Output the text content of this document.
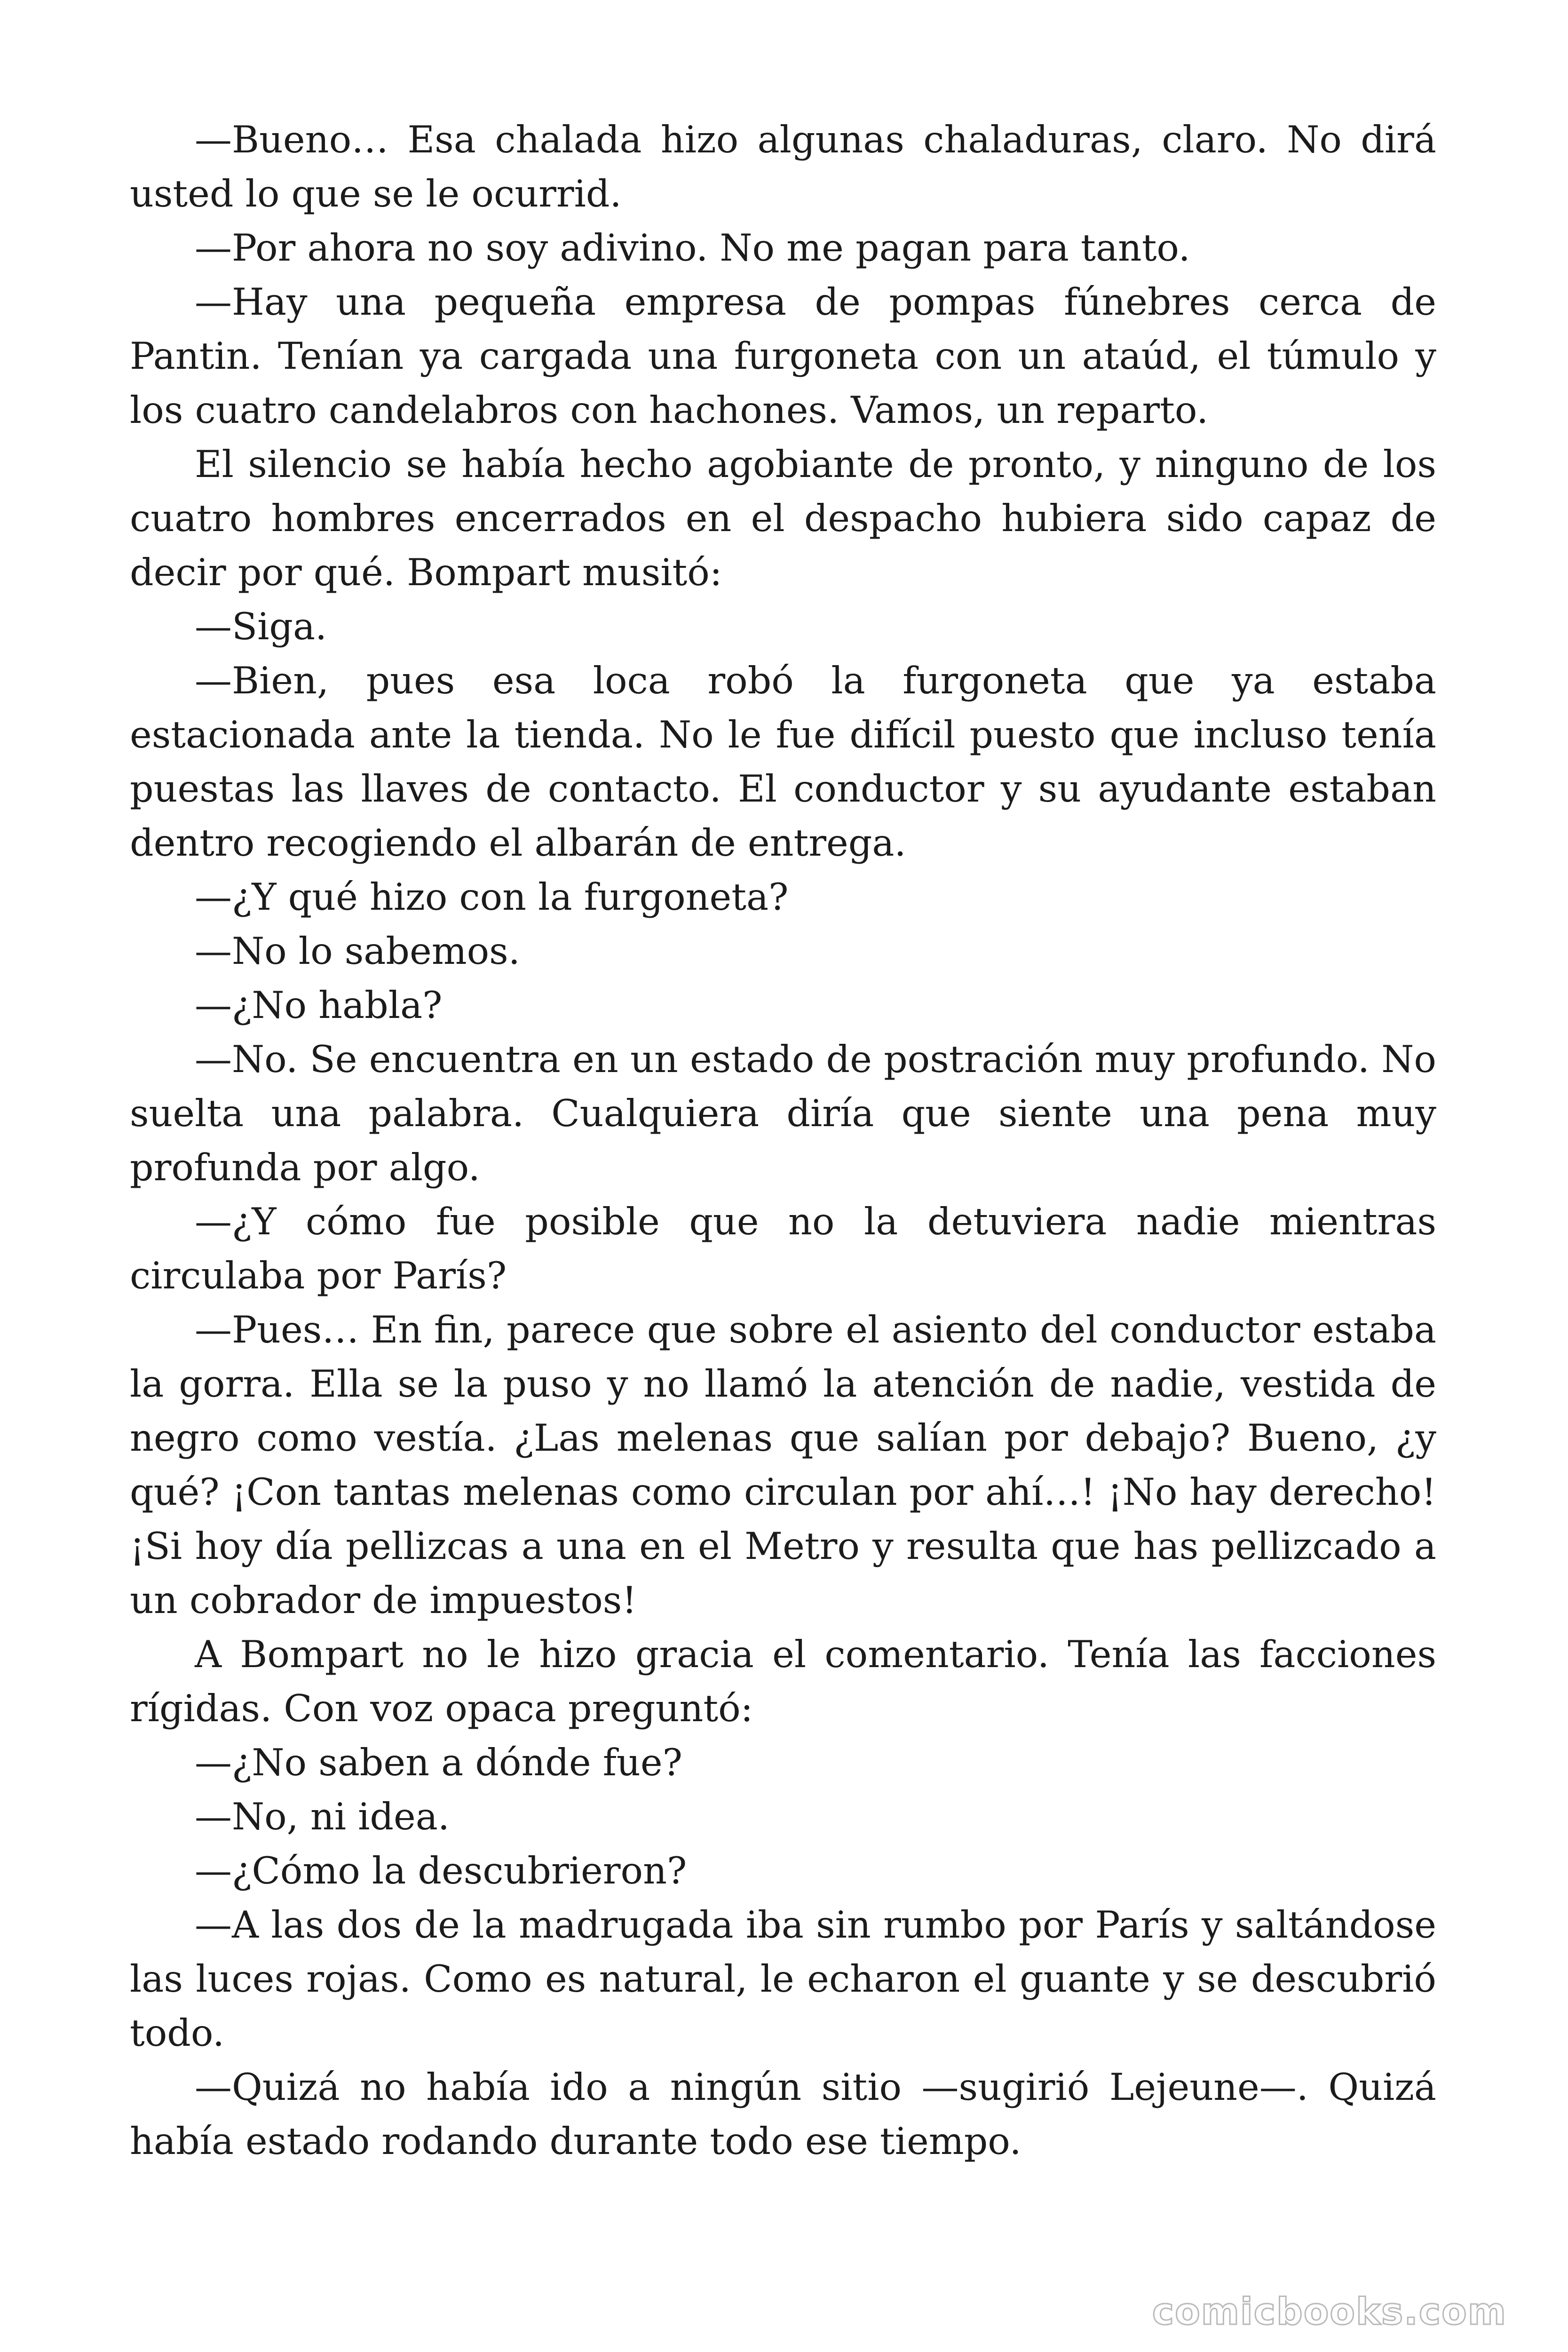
—Bueno… Esa chalada hizo algunas chaladuras, claro. No dirá usted lo que se le ocurrid.

—Por ahora no soy adivino. No me pagan para tanto.

—Hay una pequeña empresa de pompas fúnebres cerca de Pantin. Tenían ya cargada una furgoneta con un ataúd, el túmulo y los cuatro candelabros con hachones. Vamos, un reparto.

El silencio se había hecho agobiante de pronto, y ninguno de los cuatro hombres encerrados en el despacho hubiera sido capaz de decir por qué. Bompart musitó:

—Siga.

—Bien, pues esa loca robó la furgoneta que ya estaba estacionada ante la tienda. No le fue difícil puesto que incluso tenía puestas las llaves de contacto. El conductor y su ayudante estaban dentro recogiendo el albarán de entrega.

—¿Y qué hizo con la furgoneta?

—No lo sabemos.

—¿No habla?

—No. Se encuentra en un estado de postración muy profundo. No suelta una palabra. Cualquiera diría que siente una pena muy profunda por algo.

—¿Y cómo fue posible que no la detuviera nadie mientras circulaba por París?

—Pues… En fin, parece que sobre el asiento del conductor estaba la gorra. Ella se la puso y no llamó la atención de nadie, vestida de negro como vestía. ¿Las melenas que salían por debajo? Bueno, ¿y qué? ¡Con tantas melenas como circulan por ahí…! ¡No hay derecho! ¡Si hoy día pellizcas a una en el Metro y resulta que has pellizcado a un cobrador de impuestos!

A Bompart no le hizo gracia el comentario. Tenía las facciones rígidas. Con voz opaca preguntó:

—¿No saben a dónde fue?

—No, ni idea.

—¿Cómo la descubrieron?

—A las dos de la madrugada iba sin rumbo por París y saltándose las luces rojas. Como es natural, le echaron el guante y se descubrió todo.

—Quizá no había ido a ningún sitio —sugirió Lejeune—. Quizá había estado rodando durante todo ese tiempo.

comicbooks.com
